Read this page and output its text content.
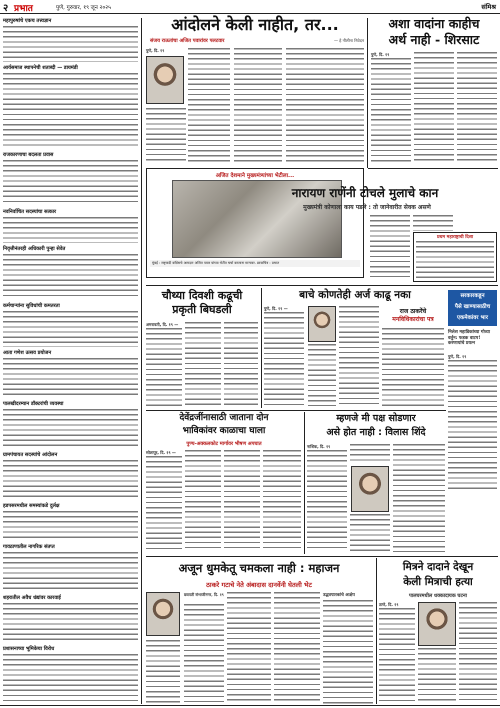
२ प्रभात	पुणे, गुरुवार, १९ जून २०२५	संमिश्र
महापुरुषांचे एकच तत्त्वज्ञान
आर्यसमाज स्थापनेची शताब्दी — डायमंडी
राजकारणाचा बदलता प्रवास
नवनिर्वाचित सदस्यांचा सत्कार
निवृत्तीनंतरही अधिकारी पुन्हा सेवेत
कर्मचाऱ्यांना सुविधांची कमतरता
आता गणेश उत्सव प्रयोजन
पालखीदरम्यान डॉक्टरांची व्यवस्था
ग्रामपंचायत सदस्यांचे आंदोलन
हडपसरमधील समस्यांकडे दुर्लक्ष
गावठाणातील नागरिक संतप्त
शहरातील अवैध धंद्यांवर कारवाई
प्रशासनाच्या भूमिकेचा विरोध
आंदोलने केली नाहीत, तर...
संजय राऊतांचा अजित पवारांवर पलटवार	— हे नीलीना निवेदन
पुणे, दि. १९
अजित देशमाने मुख्यमंत्र्यांच्या भेटीला...
मुंबई : राष्ट्रवादी कॉंग्रेसचे आमदार अजित पवार यांच्या भेटीत चर्चा करताना मान्यवर. छायाचित्र : प्रभात
अशा वादांना काहीच
अर्थ नाही - शिरसाट
पुणे, दि. १९
नारायण राणेंनी टोचले मुलाचे कान
मुख्यमंत्री कोणाला काय पडले : तो जानेवारीत सेवक असणे
प्रथम महाराष्ट्राची दिशा
चौथ्या दिवशी कढूची
प्रकृती बिघडली
अमरावती, दि. १९ —
बाचे कोणतेही अर्ज काढू नका
पुणे, दि. १९ —	राज ठाकरेंचे
मनविधिकारांचा पत्र
सरकारकडून
पैसे खाण्यासाठीच
एकमेकांवर भार
निलेश महाडिकांच्या गोव्या वर्तुन: फडक वाटप! करणायांचे प्रयत्न
पुणे, दि. १९
देवेंद्रजींनासाठी जाताना दोन
भाविकांवर काळाचा घाला
पुण्य-अक्कलकोट मार्गावर भीषण अपघात
सोलापूर, दि. १९ —
म्हणजे मी पक्ष सोडणार
असे होत नाही : विलास शिंदे
नाशिक, दि. १९
अजून धुमकेतू चमकला नाही : महाजन
ठाकरे गटाचे नेते अंबादास दानवेंनी घेतली भेट
छत्रपती संभाजीनगर, दि. १९	उद्धवपातकांचे आक्षेप
मित्रने दादाने देखून
केली मित्राची हत्या
पालघरमधील धक्कादायक घटना
ठाणे, दि. १९
